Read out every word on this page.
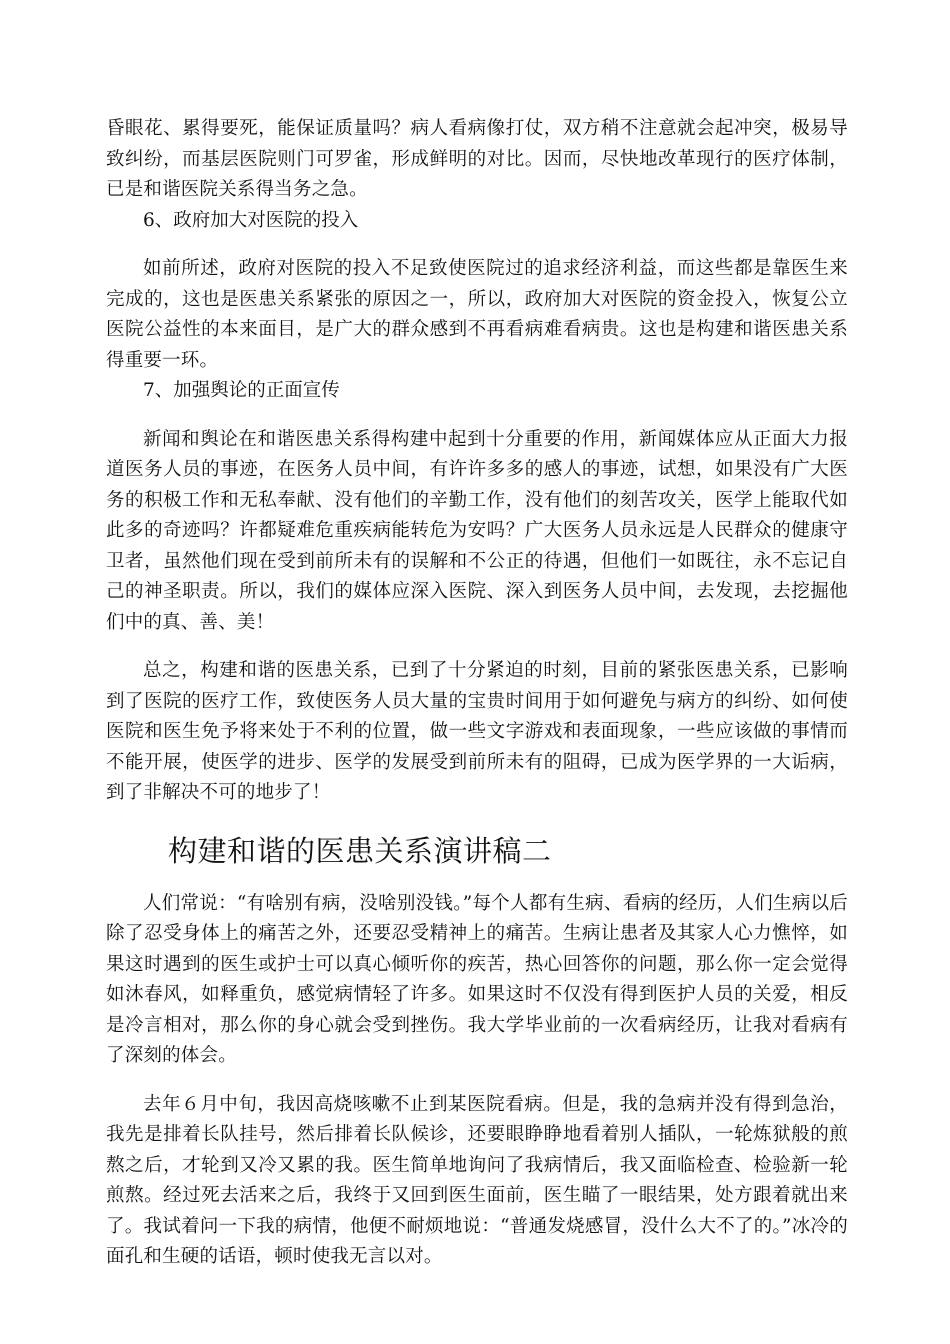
昏眼花、累得要死，能保证质量吗？病人看病像打仗，双方稍不注意就会起冲突，极易导致纠纷，而基层医院则门可罗雀，形成鲜明的对比。因而，尽快地改革现行的医疗体制，已是和谐医院关系得当务之急。

6、政府加大对医院的投入

如前所述，政府对医院的投入不足致使医院过的追求经济利益，而这些都是靠医生来完成的，这也是医患关系紧张的原因之一，所以，政府加大对医院的资金投入，恢复公立医院公益性的本来面目，是广大的群众感到不再看病难看病贵。这也是构建和谐医患关系得重要一环。

7、加强舆论的正面宣传

新闻和舆论在和谐医患关系得构建中起到十分重要的作用，新闻媒体应从正面大力报道医务人员的事迹，在医务人员中间，有许许多多的感人的事迹，试想，如果没有广大医务的积极工作和无私奉献、没有他们的辛勤工作，没有他们的刻苦攻关，医学上能取代如此多的奇迹吗？许都疑难危重疾病能转危为安吗？广大医务人员永远是人民群众的健康守卫者，虽然他们现在受到前所未有的误解和不公正的待遇，但他们一如既往，永不忘记自己的神圣职责。所以，我们的媒体应深入医院、深入到医务人员中间，去发现，去挖掘他们中的真、善、美！

总之，构建和谐的医患关系，已到了十分紧迫的时刻，目前的紧张医患关系，已影响到了医院的医疗工作，致使医务人员大量的宝贵时间用于如何避免与病方的纠纷、如何使医院和医生免予将来处于不利的位置，做一些文字游戏和表面现象，一些应该做的事情而不能开展，使医学的进步、医学的发展受到前所未有的阻碍，已成为医学界的一大诟病，到了非解决不可的地步了！

构建和谐的医患关系演讲稿二

人们常说：“有啥别有病，没啥别没钱。”每个人都有生病、看病的经历，人们生病以后除了忍受身体上的痛苦之外，还要忍受精神上的痛苦。生病让患者及其家人心力憔悴，如果这时遇到的医生或护士可以真心倾听你的疾苦，热心回答你的问题，那么你一定会觉得如沐春风，如释重负，感觉病情轻了许多。如果这时不仅没有得到医护人员的关爱，相反是冷言相对，那么你的身心就会受到挫伤。我大学毕业前的一次看病经历，让我对看病有了深刻的体会。

去年６月中旬，我因高烧咳嗽不止到某医院看病。但是，我的急病并没有得到急治，我先是排着长队挂号，然后排着长队候诊，还要眼睁睁地看着别人插队，一轮炼狱般的煎熬之后，才轮到又冷又累的我。医生简单地询问了我病情后，我又面临检查、检验新一轮煎熬。经过死去活来之后，我终于又回到医生面前，医生瞄了一眼结果，处方跟着就出来了。我试着问一下我的病情，他便不耐烦地说：“普通发烧感冒，没什么大不了的。”冰冷的面孔和生硬的话语，顿时使我无言以对。
